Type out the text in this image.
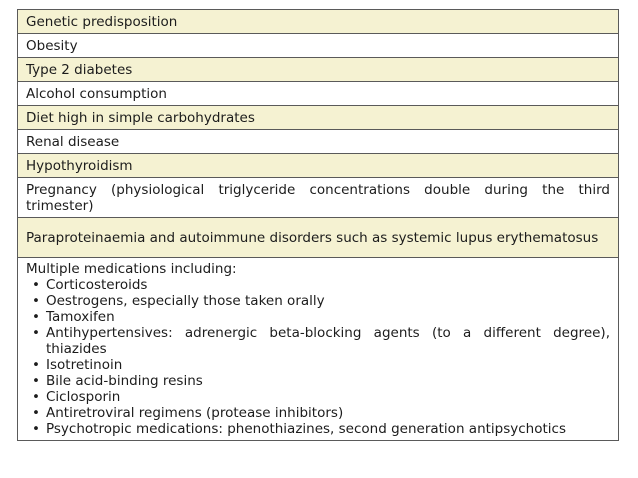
Genetic predisposition
Obesity
Type 2 diabetes
Alcohol consumption
Diet high in simple carbohydrates
Renal disease
Hypothyroidism
Pregnancy (physiological triglyceride concentrations double during the third trimester)
Paraproteinaemia and autoimmune disorders such as systemic lupus erythematosus

Multiple medications including:

• Corticosteroids
• Oestrogens, especially those taken orally
• Tamoxifen
• Antihypertensives: adrenergic beta-blocking agents (to a different degree), thiazides
• Isotretinoin
• Bile acid-binding resins
• Ciclosporin
• Antiretroviral regimens (protease inhibitors)
• Psychotropic medications: phenothiazines, second generation antipsychotics
